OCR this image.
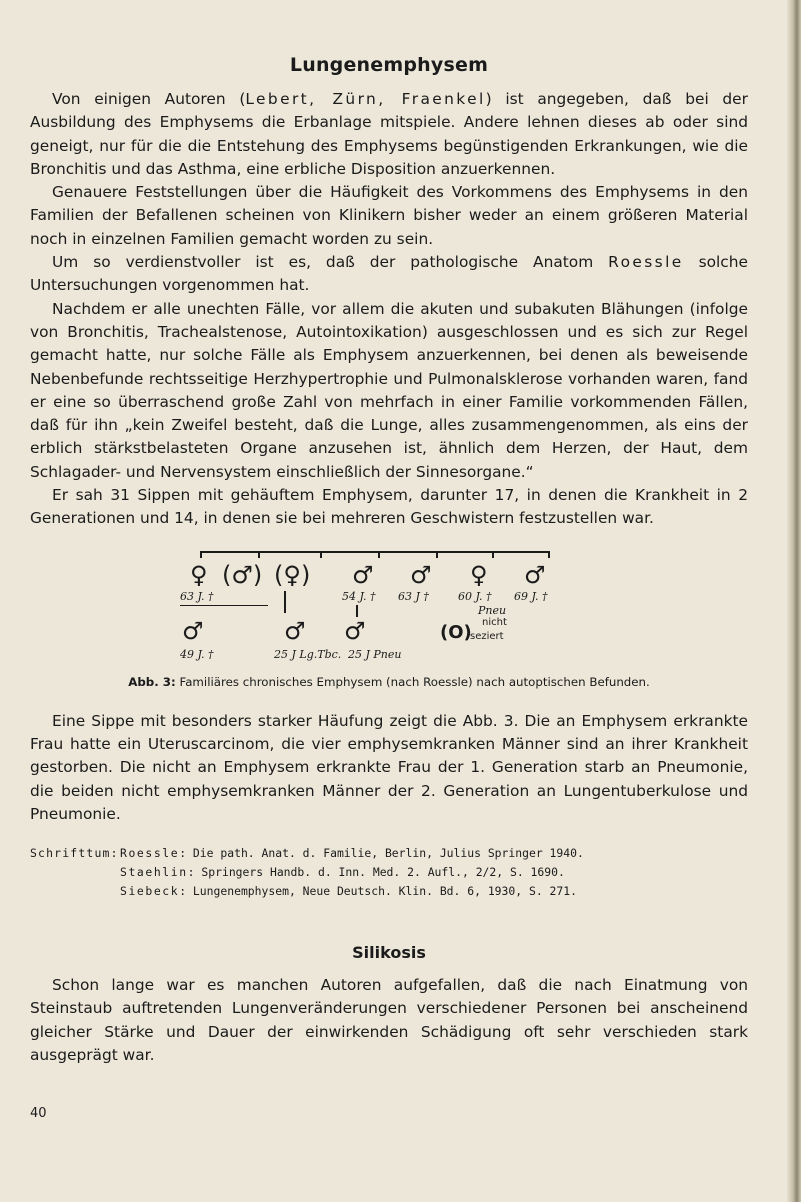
Lungenemphysem

Von einigen Autoren (Lebert, Zürn, Fraenkel) ist angegeben, daß bei der Ausbildung des Emphysems die Erbanlage mitspiele. Andere lehnen dieses ab oder sind geneigt, nur für die die Entstehung des Emphysems begünstigenden Erkrankungen, wie die Bronchitis und das Asthma, eine erbliche Disposition anzuerkennen.

Genauere Feststellungen über die Häufigkeit des Vorkommens des Emphysems in den Familien der Befallenen scheinen von Klinikern bisher weder an einem größeren Material noch in einzelnen Familien gemacht worden zu sein.

Um so verdienstvoller ist es, daß der pathologische Anatom Roessle solche Untersuchungen vorgenommen hat.

Nachdem er alle unechten Fälle, vor allem die akuten und subakuten Blähungen (infolge von Bronchitis, Trachealstenose, Autointoxikation) ausgeschlossen und es sich zur Regel gemacht hatte, nur solche Fälle als Emphysem anzuerkennen, bei denen als beweisende Nebenbefunde rechtsseitige Herzhypertrophie und Pulmonalsklerose vorhanden waren, fand er eine so überraschend große Zahl von mehrfach in einer Familie vorkommenden Fällen, daß für ihn „kein Zweifel besteht, daß die Lunge, alles zusammengenommen, als eins der erblich stärkstbelasteten Organe anzusehen ist, ähnlich dem Herzen, der Haut, dem Schlagader- und Nervensystem einschließlich der Sinnesorgane.“

Er sah 31 Sippen mit gehäuftem Emphysem, darunter 17, in denen die Krankheit in 2 Generationen und 14, in denen sie bei mehreren Geschwistern festzustellen war.

♀ (♂) (♀) ♂ ♂ ♀ ♂
63 J. †	54 J. † 63 J †	60 J. † 69 J. †
Pneu
♂	♂ ♂	(O) nicht
seziert
49 J. †	25 J Lg.Tbc. 25 J Pneu
Abb. 3: Familiäres chronisches Emphysem (nach Roessle) nach autoptischen Befunden.

Eine Sippe mit besonders starker Häufung zeigt die Abb. 3. Die an Emphysem erkrankte Frau hatte ein Uteruscarcinom, die vier emphysemkranken Männer sind an ihrer Krankheit gestorben. Die nicht an Emphysem erkrankte Frau der 1. Generation starb an Pneumonie, die beiden nicht emphysemkranken Männer der 2. Generation an Lungentuberkulose und Pneumonie.

Schrifttum: Roessle: Die path. Anat. d. Familie, Berlin, Julius Springer 1940.
Staehlin: Springers Handb. d. Inn. Med. 2. Aufl., 2/2, S. 1690.
Siebeck: Lungenemphysem, Neue Deutsch. Klin. Bd. 6, 1930, S. 271.
Silikosis

Schon lange war es manchen Autoren aufgefallen, daß die nach Einatmung von Steinstaub auftretenden Lungenveränderungen verschiedener Personen bei anscheinend gleicher Stärke und Dauer der einwirkenden Schädigung oft sehr verschieden stark ausgeprägt war.

40
